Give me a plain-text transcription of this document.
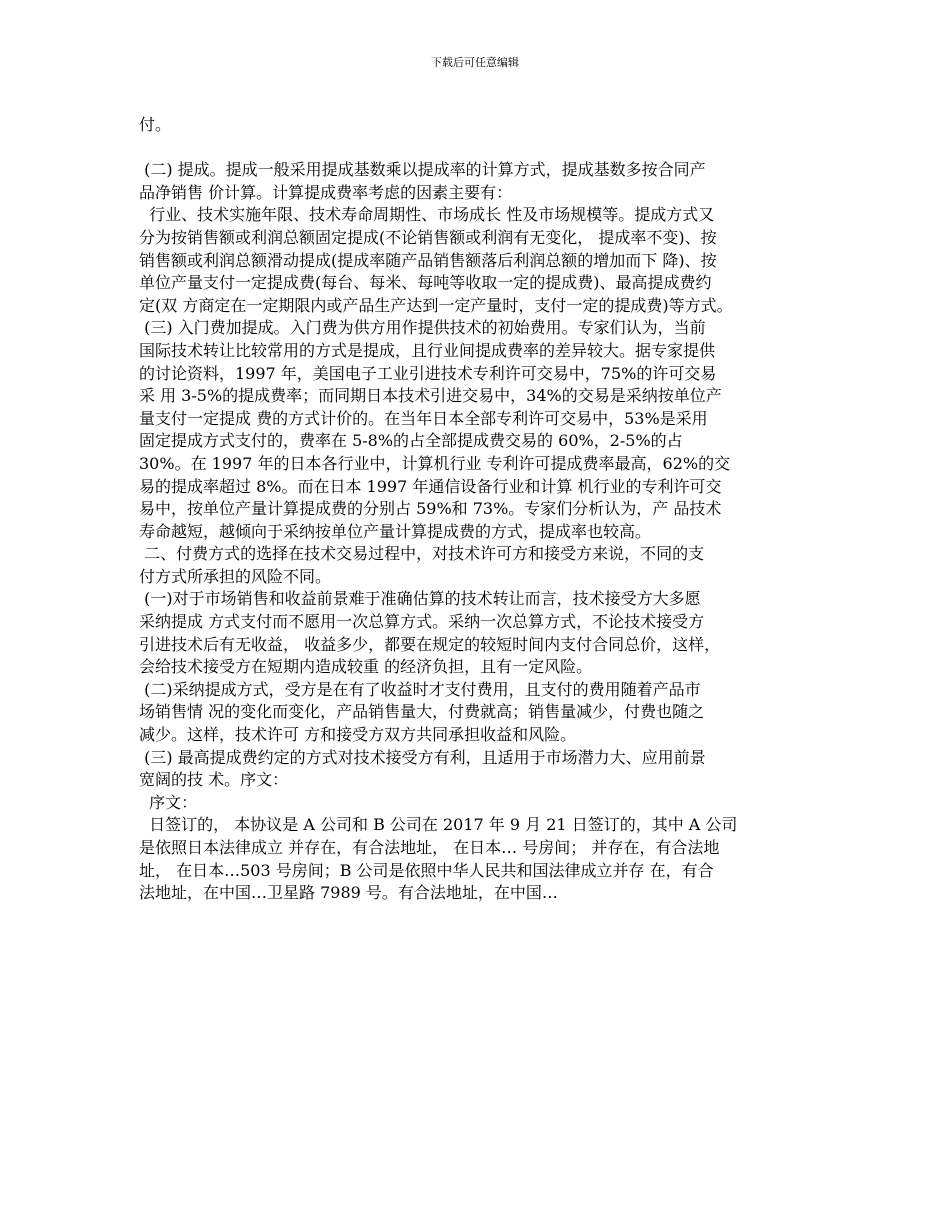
下载后可任意编辑
付。
(二) 提成。提成一般采用提成基数乘以提成率的计算方式，提成基数多按合同产
品净销售 价计算。计算提成费率考虑的因素主要有：
行业、技术实施年限、技术寿命周期性、市场成长 性及市场规模等。提成方式又
分为按销售额或利润总额固定提成(不论销售额或利润有无变化， 提成率不变)、按
销售额或利润总额滑动提成(提成率随产品销售额落后利润总额的增加而下 降)、按
单位产量支付一定提成费(每台、每米、每吨等收取一定的提成费)、最高提成费约
定(双 方商定在一定期限内或产品生产达到一定产量时，支付一定的提成费)等方式。
(三) 入门费加提成。入门费为供方用作提供技术的初始费用。专家们认为，当前
国际技术转让比较常用的方式是提成，且行业间提成费率的差异较大。据专家提供
的讨论资料，1997 年，美国电子工业引进技术专利许可交易中，75%的许可交易
采 用 3-5%的提成费率；而同期日本技术引进交易中，34%的交易是采纳按单位产
量支付一定提成 费的方式计价的。在当年日本全部专利许可交易中，53%是采用
固定提成方式支付的，费率在 5-8%的占全部提成费交易的 60%，2-5%的占
30%。在 1997 年的日本各行业中，计算机行业 专利许可提成费率最高，62%的交
易的提成率超过 8%。而在日本 1997 年通信设备行业和计算 机行业的专利许可交
易中，按单位产量计算提成费的分别占 59%和 73%。专家们分析认为，产 品技术
寿命越短，越倾向于采纳按单位产量计算提成费的方式，提成率也较高。
二、付费方式的选择在技术交易过程中，对技术许可方和接受方来说，不同的支
付方式所承担的风险不同。
(一)对于市场销售和收益前景难于准确估算的技术转让而言，技术接受方大多愿
采纳提成 方式支付而不愿用一次总算方式。采纳一次总算方式，不论技术接受方
引进技术后有无收益， 收益多少，都要在规定的较短时间内支付合同总价，这样，
会给技术接受方在短期内造成较重 的经济负担，且有一定风险。
(二)采纳提成方式，受方是在有了收益时才支付费用，且支付的费用随着产品市
场销售情 况的变化而变化，产品销售量大，付费就高；销售量减少，付费也随之
减少。这样，技术许可 方和接受方双方共同承担收益和风险。
(三) 最高提成费约定的方式对技术接受方有利，且适用于市场潜力大、应用前景
宽阔的技 术。序文：
序文：
日签订的， 本协议是 A 公司和 B 公司在 2017 年 9 月 21 日签订的，其中 A 公司
是依照日本法律成立 并存在，有合法地址， 在日本… 号房间； 并存在，有合法地
址， 在日本…503 号房间；B 公司是依照中华人民共和国法律成立并存 在，有合
法地址，在中国…卫星路 7989 号。有合法地址，在中国…
